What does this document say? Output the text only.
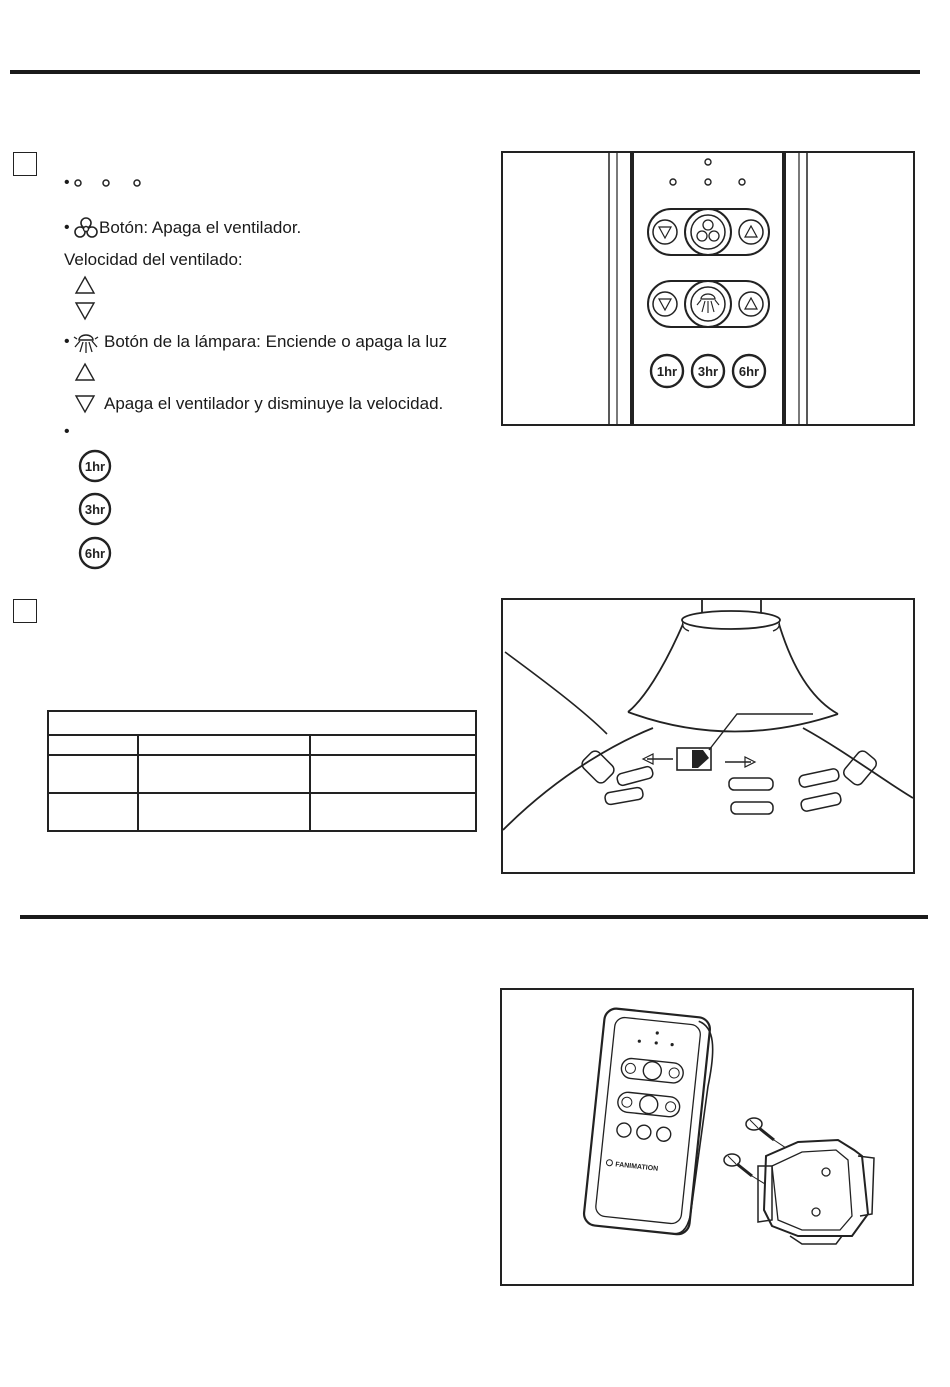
•
• Botón: Apaga el ventilador.
Velocidad del ventilado:
• Botón de la lámpara: Enciende o apaga la luz
Apaga el ventilador y disminuye la velocidad.
•
1hr
3hr
6hr
1hr 3hr 6hr

FANIMATION
